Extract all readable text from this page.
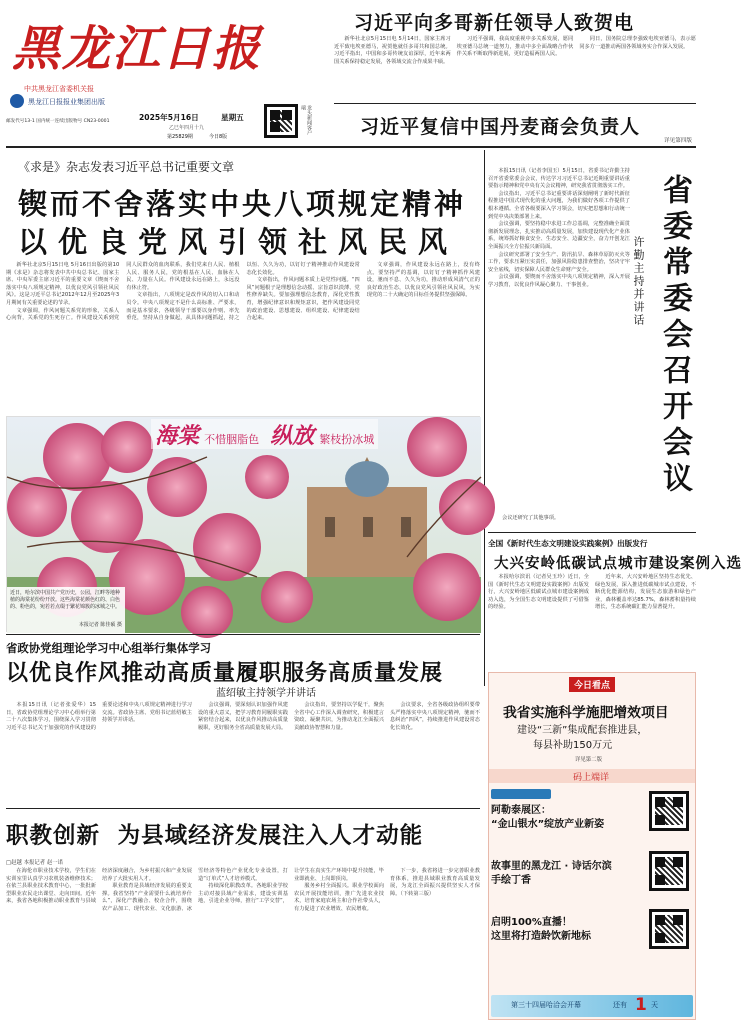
黑龙江日报
中共黑龙江省委机关报
黑龙江日报报业集团出版
邮发代号13-1 国内统一连续出版物号 CN23-0001	2025年5月16日	星期五
乙巳年四月十九
第25829期	今日8版
龙头新闻客户端
习近平向多哥新任领导人致贺电

新华社北京5月15日电 5月14日，国家主席习近平致电埃亚德马，祝贺他就任多哥共和国总统。习近平指出，中国和多哥传统友谊深厚，近年来两国关系保持稳定发展，各领域交流合作成果丰硕。

习近平强调，我高度重视中多关系发展，愿同埃亚德马总统一道努力，推动中多全面战略合作伙伴关系不断取得新进展，更好造福两国人民。

同日，国务院总理李强致电埃亚德马，表示愿同多方一道推动两国各领域务实合作深入发展。

习近平复信中国丹麦商会负责人
详见第四版
《求是》杂志发表习近平总书记重要文章
锲而不舍落实中央八项规定精神
以优良党风引领社风民风

新华社北京5月15日电 5月16日出版的第10期《求是》杂志将发表中共中央总书记、国家主席、中央军委主席习近平的重要文章《锲而不舍落实中央八项规定精神，以优良党风引领社风民风》。这是习近平总书记2012年12月至2025年3月期间有关重要论述的节录。

文章强调，作风问题关系党的形象，关系人心向背，关系党的生死存亡。作风建设关系到党同人民群众的血肉联系，我们党来自人民、植根人民、服务人民，党的根基在人民、血脉在人民、力量在人民。作风建设永远在路上，永远没有休止符。

文章指出，八项规定是改作风的切入口和动员令。中央八项规定不是什么高标准、严要求，而是基本要求，各级领导干部要以身作则、率先垂范，坚持从自身做起，从具体问题抓起，持之以恒、久久为功，以钉钉子精神推动作风建设常态化长效化。

文章指出，作风问题本质上是党性问题。“四风”问题根子是理想信念动摇、宗旨意识淡薄、党性修养缺失。要加强理想信念教育，深化党性教育，增强纪律意识和规矩意识，把作风建设同党的政治建设、思想建设、组织建设、纪律建设结合起来。

文章强调，作风建设永远在路上，没有终点。要坚持严的基调，以钉钉子精神抓作风建设，驰而不息、久久为功，推动形成风清气正的良好政治生态，以优良党风引领社风民风，为实现党的二十大确定的目标任务提供坚强保障。

海棠 不惜胭脂色 纵放 繁枝扮冰城
近日，哈尔滨中国共产党历史，公园，江畔等地种植的海棠花纷纷开放。这些海棠花颜色红的、白色的、粉色的，宛若若点缀于繁花锦簇的冰城之中。
本报记者 陈佳硕 摄
省委常委会召开会议
许勤主持并讲话

本报15日讯（记者李国玉）5月15日，省委书记许勤主持召开省委常委会会议，传达学习习近平总书记近期重要讲话重要指示精神和党中央有关会议精神，研究我省贯彻落实工作。

会议指出，习近平总书记重要讲话深刻阐明了新时代新征程推进中国式现代化的重大问题，为我们做好各项工作提供了根本遵循。全省各级要深入学习领会，切实把思想和行动统一到党中央决策部署上来。

会议强调，要坚持稳中求进工作总基调，完整准确全面贯彻新发展理念，扎实推动高质量发展，加快建设现代化产业体系，统筹抓好粮食安全、生态安全、边疆安全，奋力开创龙江全面振兴全方位振兴新局面。

会议研究部署了安全生产、防汛抗旱、森林草原防灭火等工作，要求压紧压实责任，加强风险隐患排查整治，坚决守牢安全底线，切实保障人民群众生命财产安全。

会议强调，要锲而不舍落实中央八项规定精神，深入开展学习教育，以优良作风凝心聚力、干事创业。

会议还研究了其他事项。
全国《新时代生态文明建设实践案例》出版发行
大兴安岭低碳试点城市建设案例入选

本报哈尔滨讯（记者吴玉玲）近日，全国《新时代生态文明建设实践案例》出版发行，大兴安岭地区低碳试点城市建设案例成功入选，为全国生态文明建设提供了可借鉴的经验。

近年来，大兴安岭地区坚持生态优先、绿色发展，深入推进低碳城市试点建设，不断优化能源结构，发展生态旅游和绿色产业，森林覆盖率达85.7%，森林蓄积量持续增长，生态系统碳汇能力显著提升。

省政协党组理论学习中心组举行集体学习
以优良作风推动高质量履职服务高质量发展
蓝绍敏主持领学并讲话

本报15日讯（记者张爱华）15日，省政协党组理论学习中心组举行第二十八次集体学习，围绕深入学习贯彻习近平总书记关于加强党的作风建设的重要论述和中央八项规定精神进行学习交流。省政协主席、党组书记蓝绍敏主持领学并讲话。

会议强调，要深刻认识加强作风建设的重大意义，把学习教育同履职实践紧密结合起来，以优良作风推动高质量履职，更好服务全省高质量发展大局。

会议指出，要坚持以学促干，聚焦全省中心工作深入调查研究，积极建言资政、凝聚共识，为推动龙江全面振兴贡献政协智慧和力量。

会议要求，全省各级政协组织要带头严格落实中央八项规定精神，驰而不息纠治“四风”，持续推进作风建设常态化长效化。

今日看点
我省实施科学施肥增效项目
建设“三新”集成配套推进县，
每县补助150万元
详见第二版
码上端详
阿勒泰展区：
“金山银水”绽放产业新姿
故事里的黑龙江 · 诗话尔滨
手绘丁香
启明100%直播！
这里将打造龄饮新地标
第三十四届哈洽会开幕	还有 1 天
职教创新  为县域经济发展注入人才动能
□赵越 本报记者 赵一诺

在海伦市职业技术学校，学生们在实训室里认真学习农机装备维修技术；在依兰县职业技术教育中心，一批批新型职业农民走出课堂、走向田间。近年来，我省各地积极推动职业教育与县域经济深度融合，为乡村振兴和产业发展培养了大批实用人才。

职业教育是县域经济发展的重要支撑。我省坚持“产业需要什么就培养什么”，深化产教融合、校企合作，围绕农产品加工、现代农业、文化旅游、冰雪经济等特色产业优化专业设置，打造“订单式”人才培养模式。

持续深化职教改革。各地职业学校主动对接县域产业需求，建设实训基地，引进企业导师，推行“工学交替”，让学生在真实生产环境中提升技能，毕业即就业、上岗即顶岗。

服务乡村全面振兴。职业学校面向农民开展技能培训，推广先进农业技术，培育家庭农场主和合作社带头人，有力促进了农业增效、农民增收。

下一步，我省将进一步完善职业教育体系，推进县域职业教育高质量发展，为龙江全面振兴提供坚实人才保障。（下转第三版）
